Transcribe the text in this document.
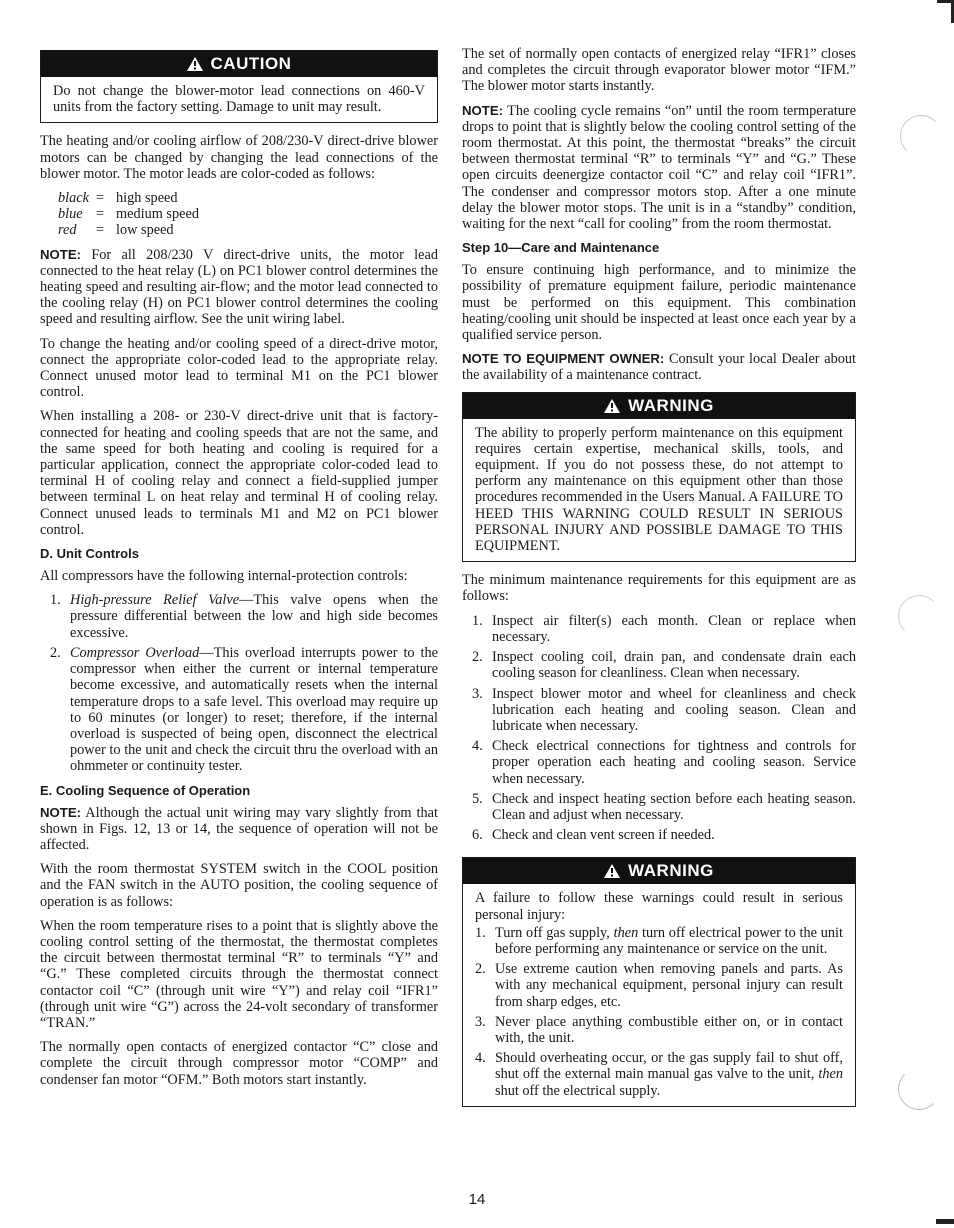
CAUTION
Do not change the blower-motor lead connections on 460-V units from the factory setting. Damage to unit may result.

The heating and/or cooling airflow of 208/230-V direct-drive blower motors can be changed by changing the lead connections of the blower motor. The motor leads are color-coded as follows:

black = high speed
blue = medium speed
red	= low speed

NOTE: For all 208/230 V direct-drive units, the motor lead connected to the heat relay (L) on PC1 blower control determines the heating speed and resulting air-flow; and the motor lead connected to the cooling relay (H) on PC1 blower control determines the cooling speed and resulting airflow. See the unit wiring label.

To change the heating and/or cooling speed of a direct-drive motor, connect the appropriate color-coded lead to the appropriate relay. Connect unused motor lead to terminal M1 on the PC1 blower control.

When installing a 208- or 230-V direct-drive unit that is factory-connected for heating and cooling speeds that are not the same, and the same speed for both heating and cooling is required for a particular application, connect the appropriate color-coded lead to terminal H of cooling relay and connect a field-supplied jumper between terminal L on heat relay and terminal H of cooling relay. Connect unused leads to terminals M1 and M2 on PC1 blower control.

D. Unit Controls

All compressors have the following internal-protection controls:

1. High-pressure Relief Valve—This valve opens when the pressure differential between the low and high side becomes excessive.
2. Compressor Overload—This overload interrupts power to the compressor when either the current or internal temperature become excessive, and automatically resets when the internal temperature drops to a safe level. This overload may require up to 60 minutes (or longer) to reset; therefore, if the internal overload is suspected of being open, disconnect the electrical power to the unit and check the circuit thru the overload with an ohmmeter or continuity tester.
E. Cooling Sequence of Operation

NOTE: Although the actual unit wiring may vary slightly from that shown in Figs. 12, 13 or 14, the sequence of operation will not be affected.

With the room thermostat SYSTEM switch in the COOL position and the FAN switch in the AUTO position, the cooling sequence of operation is as follows:

When the room temperature rises to a point that is slightly above the cooling control setting of the thermostat, the thermostat completes the circuit between thermostat terminal “R” to terminals “Y” and “G.” These completed circuits through the thermostat connect contactor coil “C” (through unit wire “Y”) and relay coil “IFR1” (through unit wire “G”) across the 24-volt secondary of transformer “TRAN.”

The normally open contacts of energized contactor “C” close and complete the circuit through compressor motor “COMP” and condenser fan motor “OFM.” Both motors start instantly.

The set of normally open contacts of energized relay “IFR1” closes and completes the circuit through evaporator blower motor “IFM.” The blower motor starts instantly.

NOTE: The cooling cycle remains “on” until the room termperature drops to point that is slightly below the cooling control setting of the room thermostat. At this point, the thermostat “breaks” the circuit between thermostat terminal “R” to terminals “Y” and “G.” These open circuits deenergize contactor coil “C” and relay coil “IFR1”. The condenser and compressor motors stop. After a one minute delay the blower motor stops. The unit is in a “standby” condition, waiting for the next “call for cooling” from the room thermostat.

Step 10—Care and Maintenance

To ensure continuing high performance, and to minimize the possibility of premature equipment failure, periodic maintenance must be performed on this equipment. This combination heating/cooling unit should be inspected at least once each year by a qualified service person.

NOTE TO EQUIPMENT OWNER: Consult your local Dealer about the availability of a maintenance contract.

WARNING
The ability to properly perform maintenance on this equipment requires certain expertise, mechanical skills, tools, and equipment. If you do not possess these, do not attempt to perform any maintenance on this equipment other than those procedures recommended in the Users Manual. A FAILURE TO HEED THIS WARNING COULD RESULT IN SERIOUS PERSONAL INJURY AND POSSIBLE DAMAGE TO THIS EQUIPMENT.

The minimum maintenance requirements for this equipment are as follows:

1. Inspect air filter(s) each month. Clean or replace when necessary.
2. Inspect cooling coil, drain pan, and condensate drain each cooling season for cleanliness. Clean when necessary.
3. Inspect blower motor and wheel for cleanliness and check lubrication each heating and cooling season. Clean and lubricate when necessary.
4. Check electrical connections for tightness and controls for proper operation each heating and cooling season. Service when necessary.
5. Check and inspect heating section before each heating season. Clean and adjust when necessary.
6. Check and clean vent screen if needed.
WARNING
A failure to follow these warnings could result in serious personal injury:
1. Turn off gas supply, then turn off electrical power to the unit before performing any maintenance or service on the unit.
2. Use extreme caution when removing panels and parts. As with any mechanical equipment, personal injury can result from sharp edges, etc.
3. Never place anything combustible either on, or in contact with, the unit.
4. Should overheating occur, or the gas supply fail to shut off, shut off the external main manual gas valve to the unit, then shut off the electrical supply.
14
